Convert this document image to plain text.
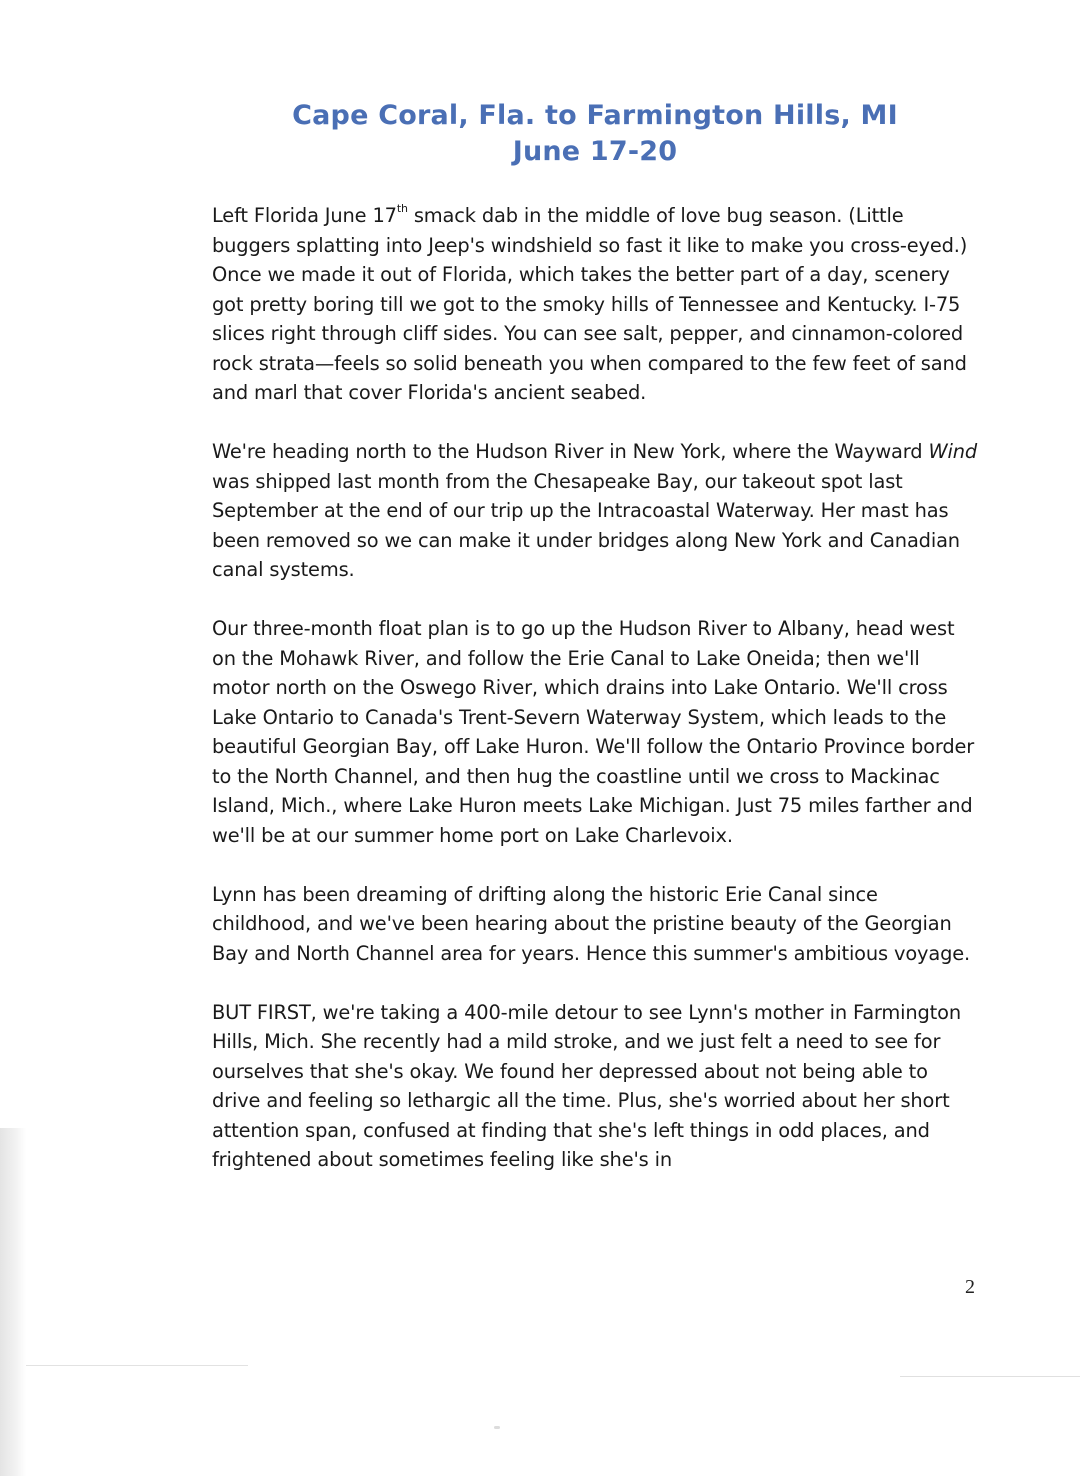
Cape Coral, Fla. to Farmington Hills, MI
June 17-20

Left Florida June 17th smack dab in the middle of love bug season. (Little buggers splatting into Jeep's windshield so fast it like to make you cross-eyed.) Once we made it out of Florida, which takes the better part of a day, scenery got pretty boring till we got to the smoky hills of Tennessee and Kentucky. I-75 slices right through cliff sides. You can see salt, pepper, and cinnamon-colored rock strata—feels so solid beneath you when compared to the few feet of sand and marl that cover Florida's ancient seabed.

We're heading north to the Hudson River in New York, where the Wayward Wind was shipped last month from the Chesapeake Bay, our takeout spot last September at the end of our trip up the Intracoastal Waterway. Her mast has been removed so we can make it under bridges along New York and Canadian canal systems.

Our three-month float plan is to go up the Hudson River to Albany, head west on the Mohawk River, and follow the Erie Canal to Lake Oneida; then we'll motor north on the Oswego River, which drains into Lake Ontario. We'll cross Lake Ontario to Canada's Trent-Severn Waterway System, which leads to the beautiful Georgian Bay, off Lake Huron. We'll follow the Ontario Province border to the North Channel, and then hug the coastline until we cross to Mackinac Island, Mich., where Lake Huron meets Lake Michigan. Just 75 miles farther and we'll be at our summer home port on Lake Charlevoix.

Lynn has been dreaming of drifting along the historic Erie Canal since childhood, and we've been hearing about the pristine beauty of the Georgian Bay and North Channel area for years. Hence this summer's ambitious voyage.

BUT FIRST, we're taking a 400-mile detour to see Lynn's mother in Farmington Hills, Mich. She recently had a mild stroke, and we just felt a need to see for ourselves that she's okay. We found her depressed about not being able to drive and feeling so lethargic all the time. Plus, she's worried about her short attention span, confused at finding that she's left things in odd places, and frightened about sometimes feeling like she's in

2
